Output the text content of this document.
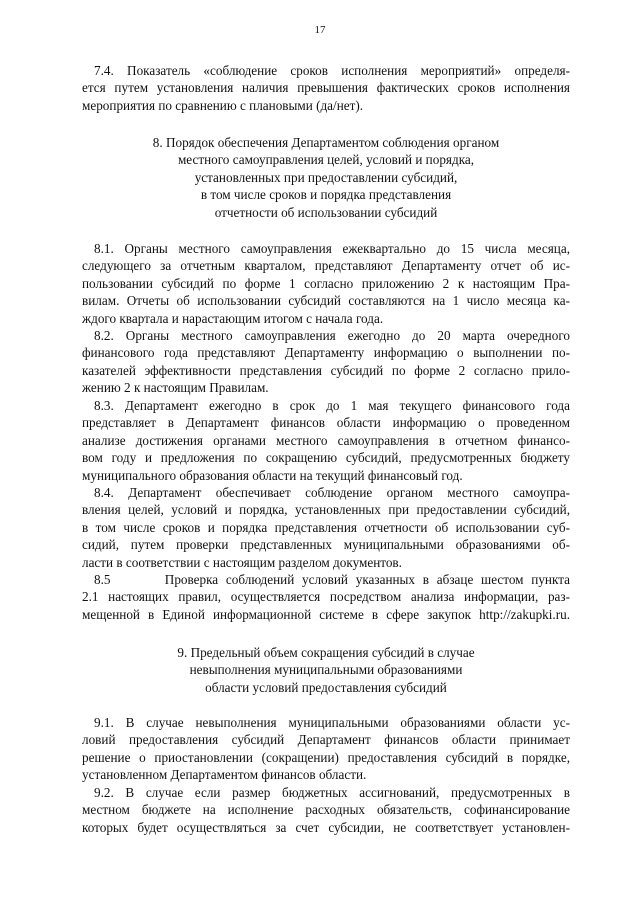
17
7.4. Показатель «соблюдение сроков исполнения мероприятий» определя-
ется путем установления наличия превышения фактических сроков исполнения
мероприятия по сравнению с плановыми (да/нет).
8. Порядок обеспечения Департаментом соблюдения органом
местного самоуправления целей, условий и порядка,
установленных при предоставлении субсидий,
в том числе сроков и порядка представления
отчетности об использовании субсидий
8.1. Органы местного самоуправления ежеквартально до 15 числа месяца,
следующего за отчетным кварталом, представляют Департаменту отчет об ис-
пользовании субсидий по форме 1 согласно приложению 2 к настоящим Пра-
вилам. Отчеты об использовании субсидий составляются на 1 число месяца ка-
ждого квартала и нарастающим итогом с начала года.
8.2. Органы местного самоуправления ежегодно до 20 марта очередного
финансового года представляют Департаменту информацию о выполнении по-
казателей эффективности представления субсидий по форме 2 согласно прило-
жению 2 к настоящим Правилам.
8.3. Департамент ежегодно в срок до 1 мая текущего финансового года
представляет в Департамент финансов области информацию о проведенном
анализе достижения органами местного самоуправления в отчетном финансо-
вом году и предложения по сокращению субсидий, предусмотренных бюджету
муниципального образования области на текущий финансовый год.
8.4. Департамент обеспечивает соблюдение органом местного самоупра-
вления целей, условий и порядка, установленных при предоставлении субсидий,
в том числе сроков и порядка представления отчетности об использовании суб-
сидий, путем проверки представленных муниципальными образованиями об-
ласти в соответствии с настоящим разделом документов.
8.5       Проверка соблюдений условий указанных в абзаце шестом пункта
2.1 настоящих правил, осуществляется посредством анализа информации, раз-
мещенной в Единой информационной системе в сфере закупок http://zakupki.ru.
9. Предельный объем сокращения субсидий в случае
невыполнения муниципальными образованиями
области условий предоставления субсидий
9.1. В случае невыполнения муниципальными образованиями области ус-
ловий предоставления субсидий Департамент финансов области принимает
решение о приостановлении (сокращении) предоставления субсидий в порядке,
установленном Департаментом финансов области.
9.2. В случае если размер бюджетных ассигнований, предусмотренных в
местном бюджете на исполнение расходных обязательств, софинансирование
которых будет осуществляться за счет субсидии, не соответствует установлен-
